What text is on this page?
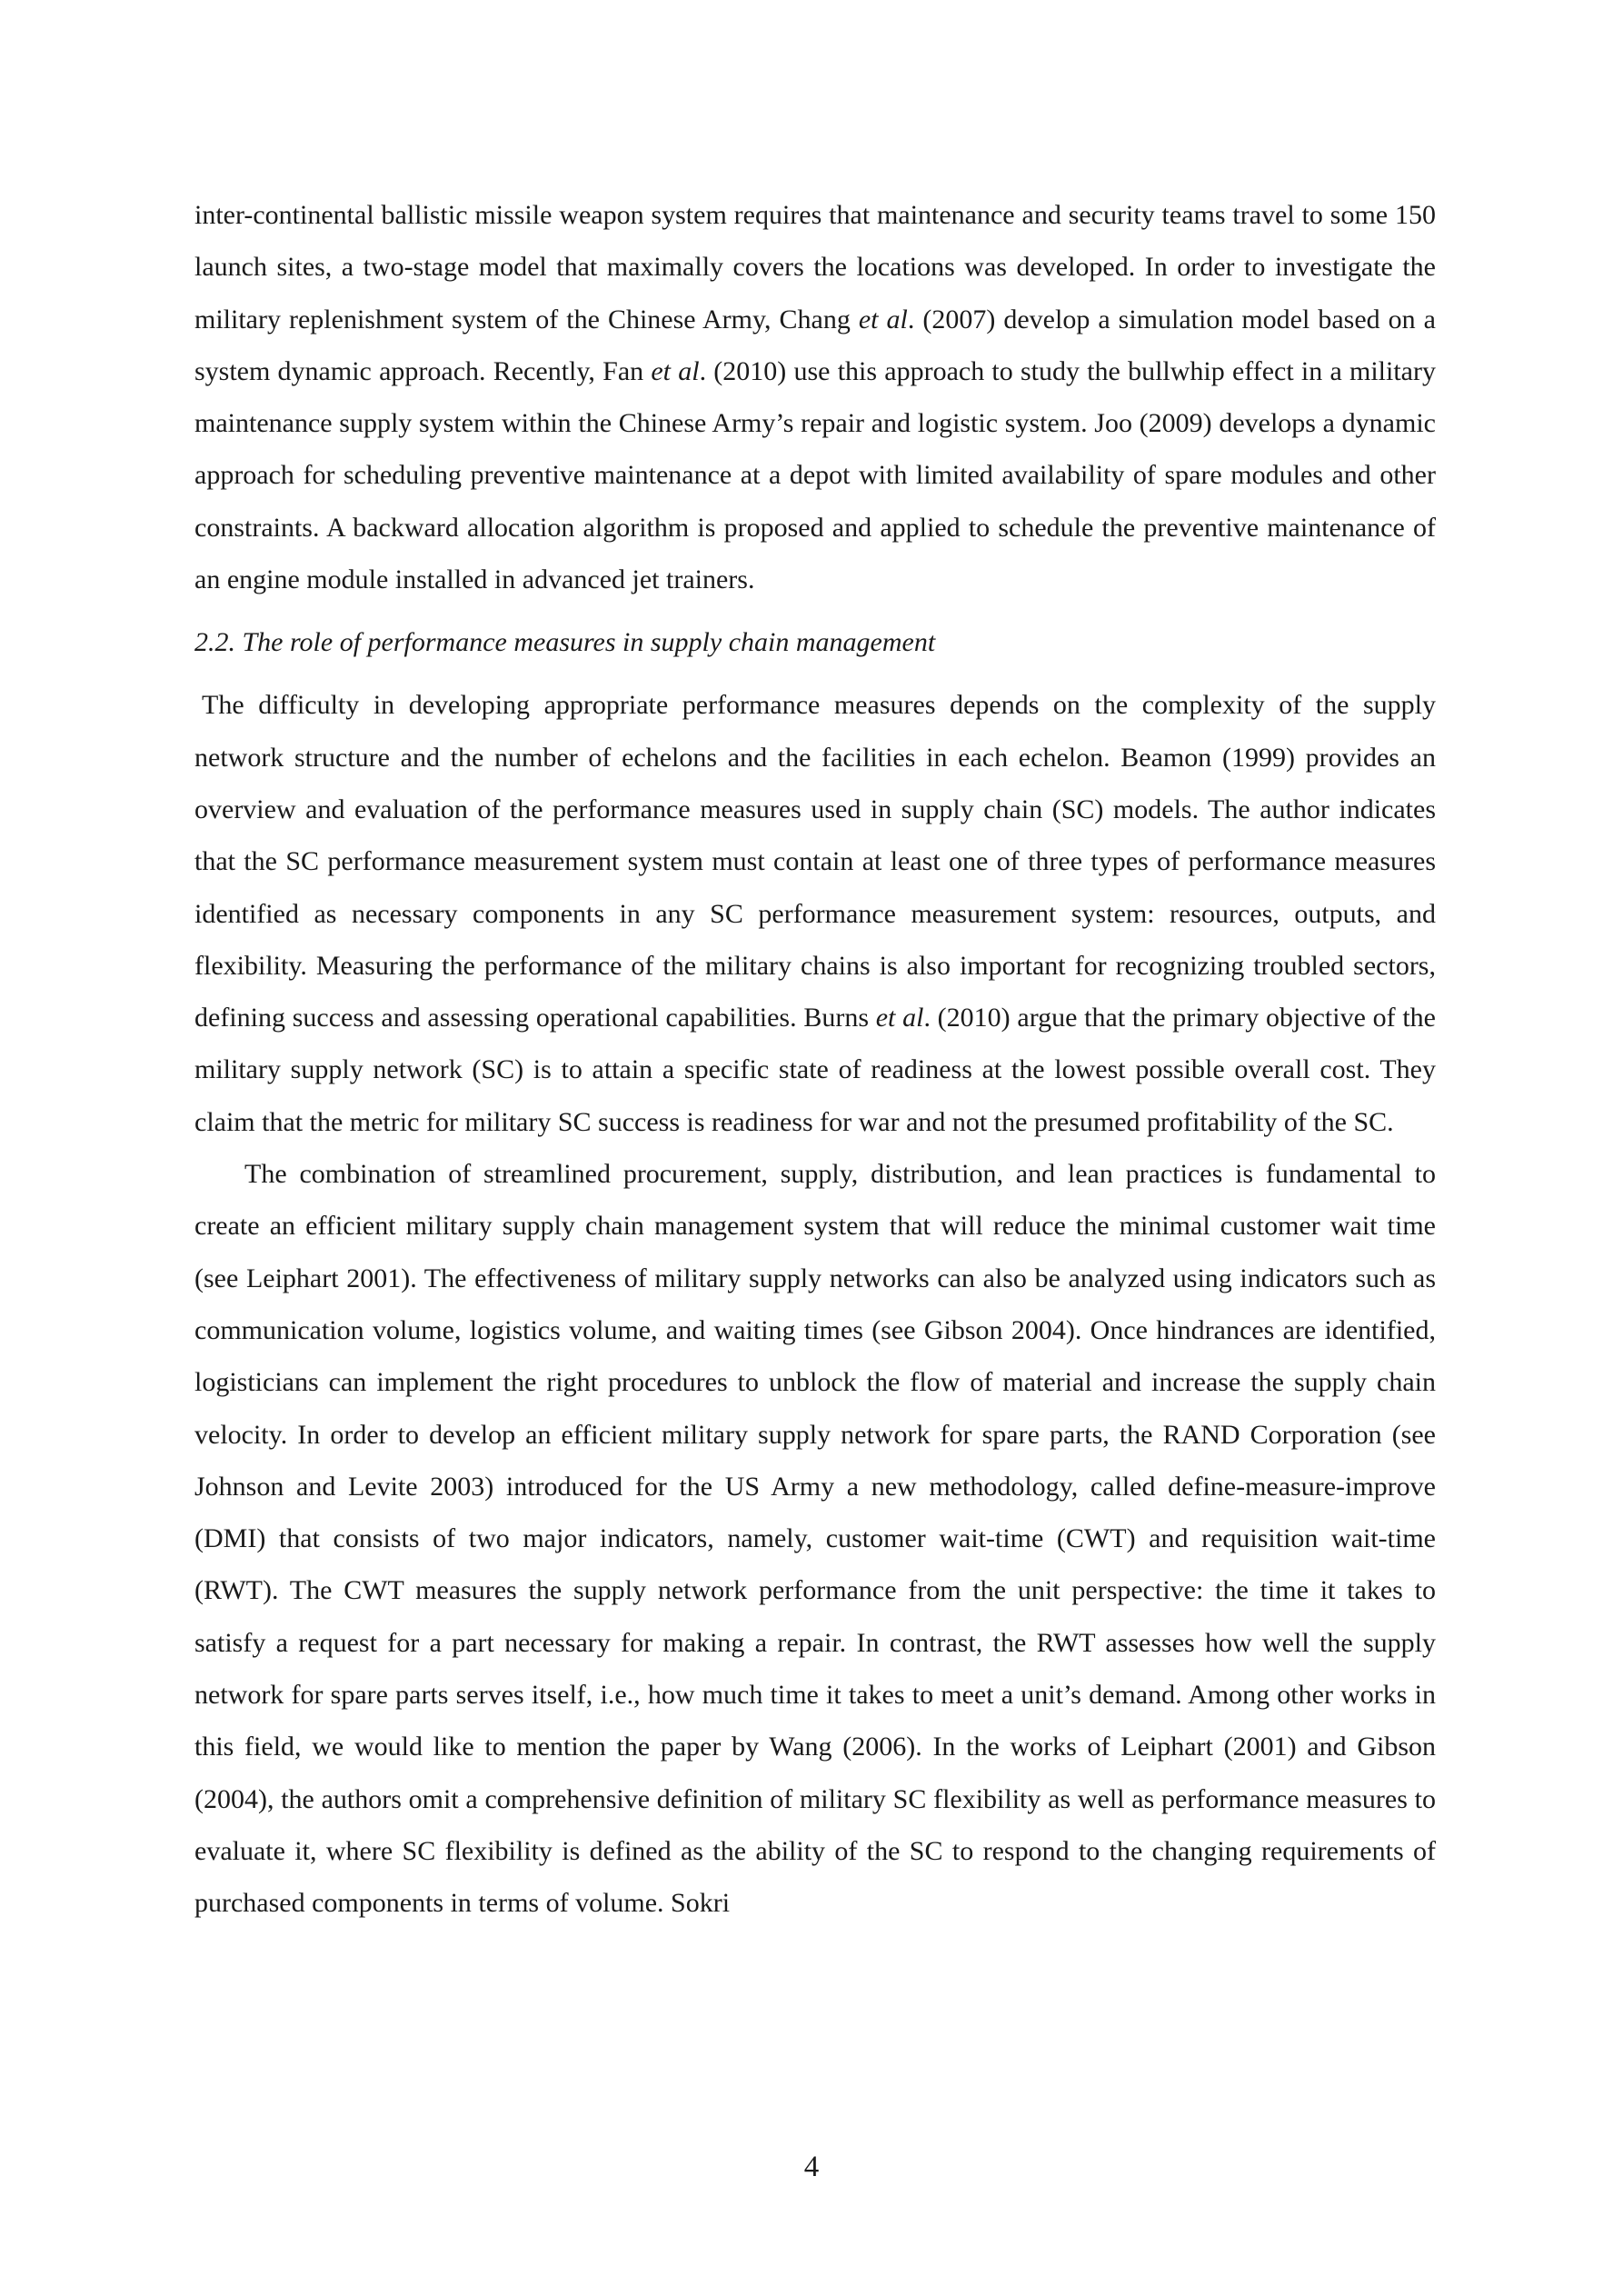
inter-continental ballistic missile weapon system requires that maintenance and security teams travel to some 150 launch sites, a two-stage model that maximally covers the locations was developed. In order to investigate the military replenishment system of the Chinese Army, Chang et al. (2007) develop a simulation model based on a system dynamic approach. Recently, Fan et al. (2010) use this approach to study the bullwhip effect in a military maintenance supply system within the Chinese Army’s repair and logistic system. Joo (2009) develops a dynamic approach for scheduling preventive maintenance at a depot with limited availability of spare modules and other constraints. A backward allocation algorithm is proposed and applied to schedule the preventive maintenance of an engine module installed in advanced jet trainers.

2.2. The role of performance measures in supply chain management

The difficulty in developing appropriate performance measures depends on the complexity of the supply network structure and the number of echelons and the facilities in each echelon. Beamon (1999) provides an overview and evaluation of the performance measures used in supply chain (SC) models. The author indicates that the SC performance measurement system must contain at least one of three types of performance measures identified as necessary components in any SC performance measurement system: resources, outputs, and flexibility. Measuring the performance of the military chains is also important for recognizing troubled sectors, defining success and assessing operational capabilities. Burns et al. (2010) argue that the primary objective of the military supply network (SC) is to attain a specific state of readiness at the lowest possible overall cost. They claim that the metric for military SC success is readiness for war and not the presumed profitability of the SC.

The combination of streamlined procurement, supply, distribution, and lean practices is fundamental to create an efficient military supply chain management system that will reduce the minimal customer wait time (see Leiphart 2001). The effectiveness of military supply networks can also be analyzed using indicators such as communication volume, logistics volume, and waiting times (see Gibson 2004). Once hindrances are identified, logisticians can implement the right procedures to unblock the flow of material and increase the supply chain velocity. In order to develop an efficient military supply network for spare parts, the RAND Corporation (see Johnson and Levite 2003) introduced for the US Army a new methodology, called define-measure-improve (DMI) that consists of two major indicators, namely, customer wait-time (CWT) and requisition wait-time (RWT). The CWT measures the supply network performance from the unit perspective: the time it takes to satisfy a request for a part necessary for making a repair. In contrast, the RWT assesses how well the supply network for spare parts serves itself, i.e., how much time it takes to meet a unit’s demand. Among other works in this field, we would like to mention the paper by Wang (2006). In the works of Leiphart (2001) and Gibson (2004), the authors omit a comprehensive definition of military SC flexibility as well as performance measures to evaluate it, where SC flexibility is defined as the ability of the SC to respond to the changing requirements of purchased components in terms of volume. Sokri

4
